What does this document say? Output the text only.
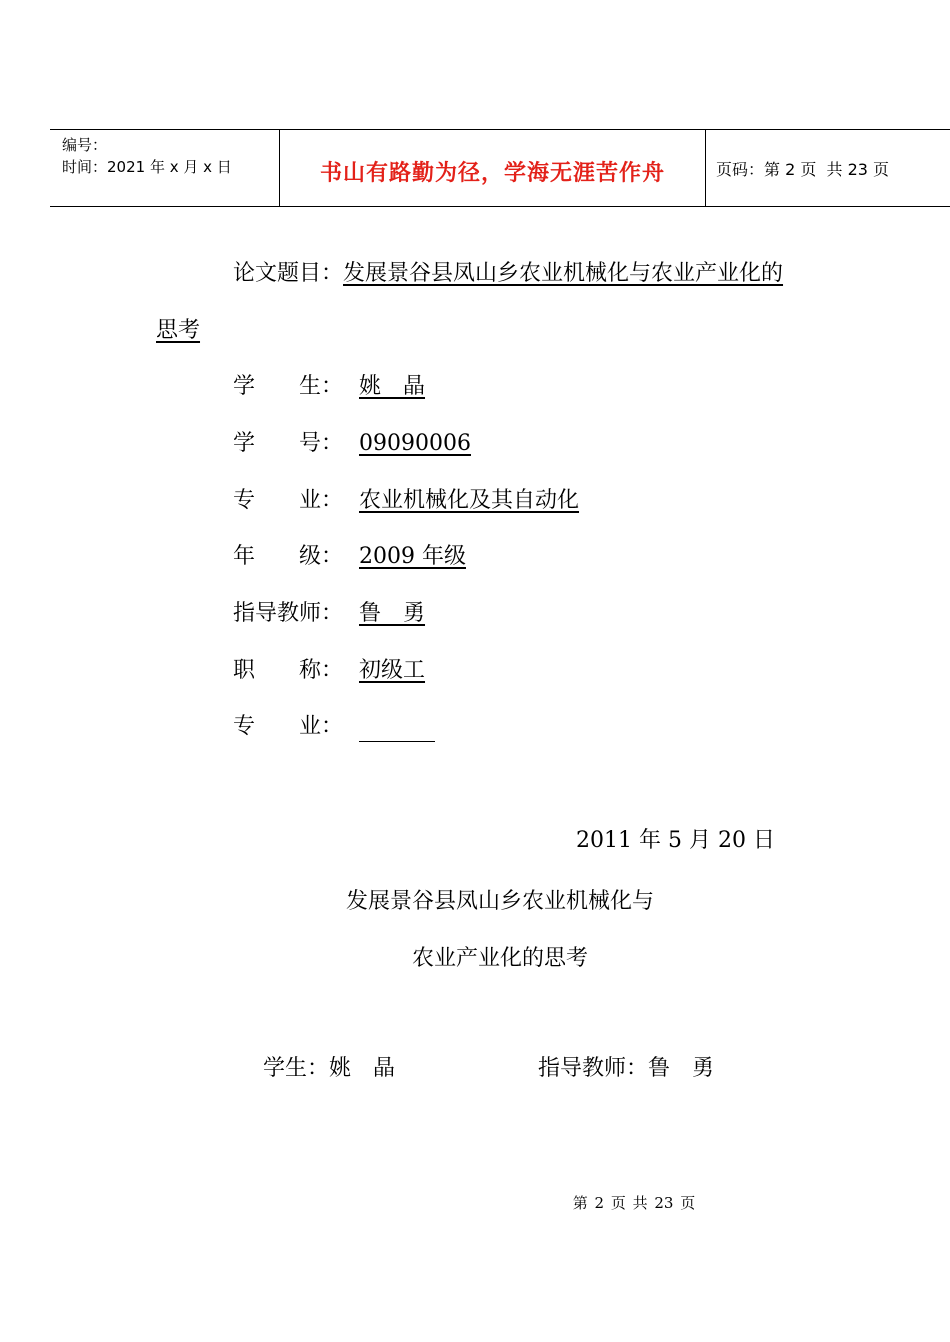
编号：
时间：2021 年 x 月 x 日	书山有路勤为径，学海无涯苦作舟	页码：第 2 页  共 23 页
论文题目：发展景谷县凤山乡农业机械化与农业产业化的
思考
学　　生： 姚　晶
学　　号： 09090006
专　　业： 农业机械化及其自动化
年　　级： 2009 年级
指导教师： 鲁　勇
职　　称： 初级工
专　　业：
2011 年 5 月 20 日
发展景谷县凤山乡农业机械化与
农业产业化的思考
学生：姚　晶	指导教师：鲁　勇
第 2 页 共 23 页
